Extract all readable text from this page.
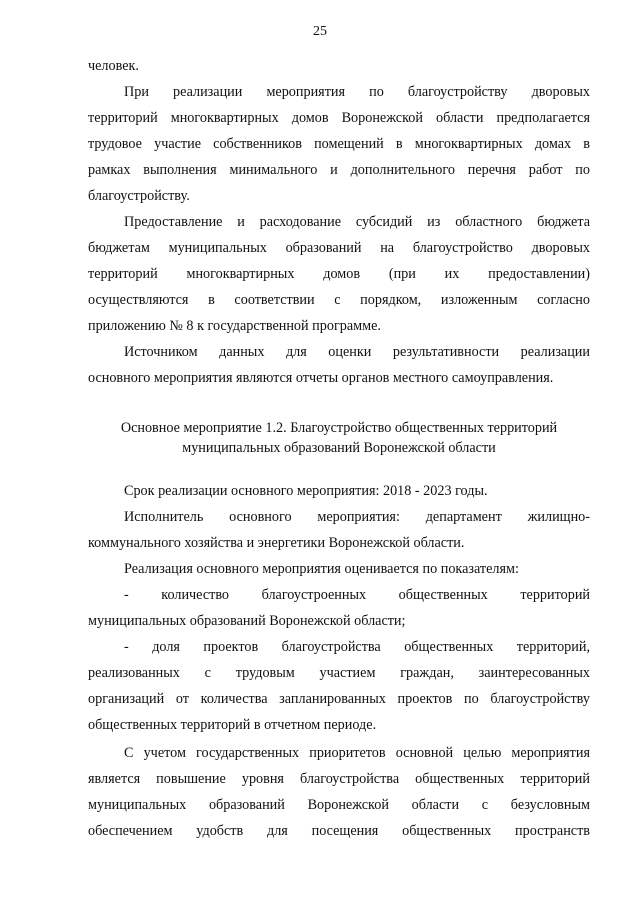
25
человек.
При реализации мероприятия по благоустройству дворовых
территорий многоквартирных домов Воронежской области предполагается
трудовое участие собственников помещений в многоквартирных домах в
рамках выполнения минимального и дополнительного перечня работ по
благоустройству.
Предоставление и расходование субсидий из областного бюджета
бюджетам муниципальных образований на благоустройство дворовых
территорий многоквартирных домов (при их предоставлении)
осуществляются в соответствии с порядком, изложенным согласно
приложению № 8 к государственной программе.
Источником данных для оценки результативности реализации
основного мероприятия являются отчеты органов местного самоуправления.
Основное мероприятие 1.2. Благоустройство общественных территорий
муниципальных образований Воронежской области
Срок реализации основного мероприятия: 2018 - 2023 годы.
Исполнитель основного мероприятия: департамент жилищно-
коммунального хозяйства и энергетики Воронежской области.
Реализация основного мероприятия оценивается по показателям:
- количество благоустроенных общественных территорий
муниципальных образований Воронежской области;
- доля проектов благоустройства общественных территорий,
реализованных с трудовым участием граждан, заинтересованных
организаций от количества запланированных проектов по благоустройству
общественных территорий в отчетном периоде.
С учетом государственных приоритетов основной целью мероприятия
является повышение уровня благоустройства общественных территорий
муниципальных образований Воронежской области с безусловным
обеспечением удобств для посещения общественных пространств
